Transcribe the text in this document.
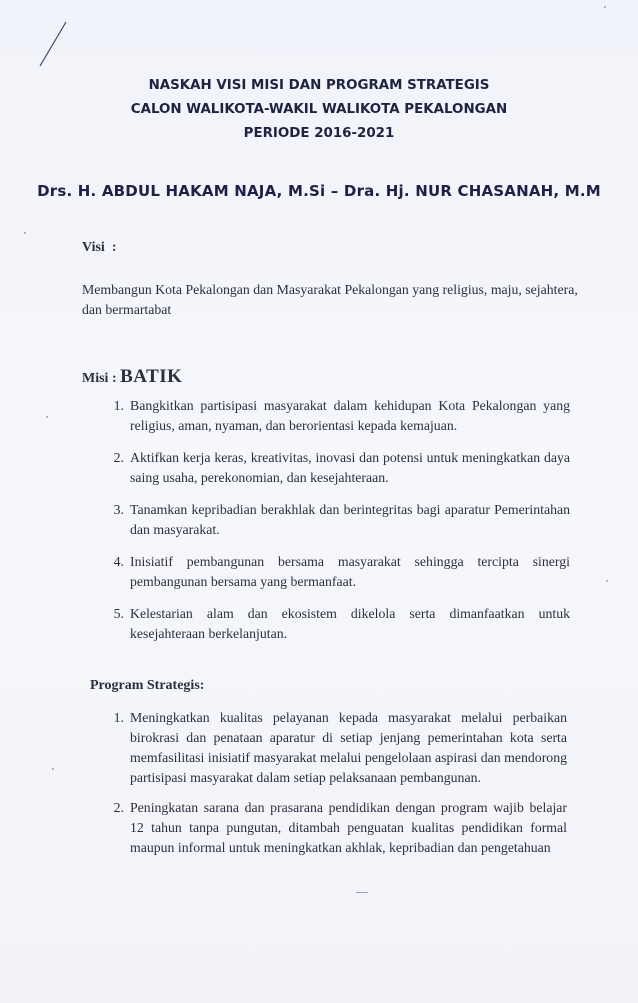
NASKAH VISI MISI DAN PROGRAM STRATEGIS
CALON WALIKOTA-WAKIL WALIKOTA PEKALONGAN
PERIODE 2016-2021
Drs. H. ABDUL HAKAM NAJA, M.Si – Dra. Hj. NUR CHASANAH, M.M
Visi  :
Membangun Kota Pekalongan dan Masyarakat Pekalongan yang religius, maju, sejahtera, dan bermartabat
Misi : BATIK
1. Bangkitkan partisipasi masyarakat dalam kehidupan Kota Pekalongan yang religius, aman, nyaman, dan berorientasi kepada kemajuan.
2. Aktifkan kerja keras, kreativitas, inovasi dan potensi untuk meningkatkan daya saing usaha, perekonomian, dan kesejahteraan.
3. Tanamkan kepribadian berakhlak dan berintegritas bagi aparatur Pemerintahan dan masyarakat.
4. Inisiatif pembangunan bersama masyarakat sehingga tercipta sinergi pembangunan bersama yang bermanfaat.
5. Kelestarian alam dan ekosistem dikelola serta dimanfaatkan untuk kesejahteraan berkelanjutan.
Program Strategis:
1. Meningkatkan kualitas pelayanan kepada masyarakat melalui perbaikan birokrasi dan penataan aparatur di setiap jenjang pemerintahan kota serta memfasilitasi inisiatif masyarakat melalui pengelolaan aspirasi dan mendorong partisipasi masyarakat dalam setiap pelaksanaan pembangunan.
2. Peningkatan sarana dan prasarana pendidikan dengan program wajib belajar 12 tahun tanpa pungutan, ditambah penguatan kualitas pendidikan formal maupun informal untuk meningkatkan akhlak, kepribadian dan pengetahuan
